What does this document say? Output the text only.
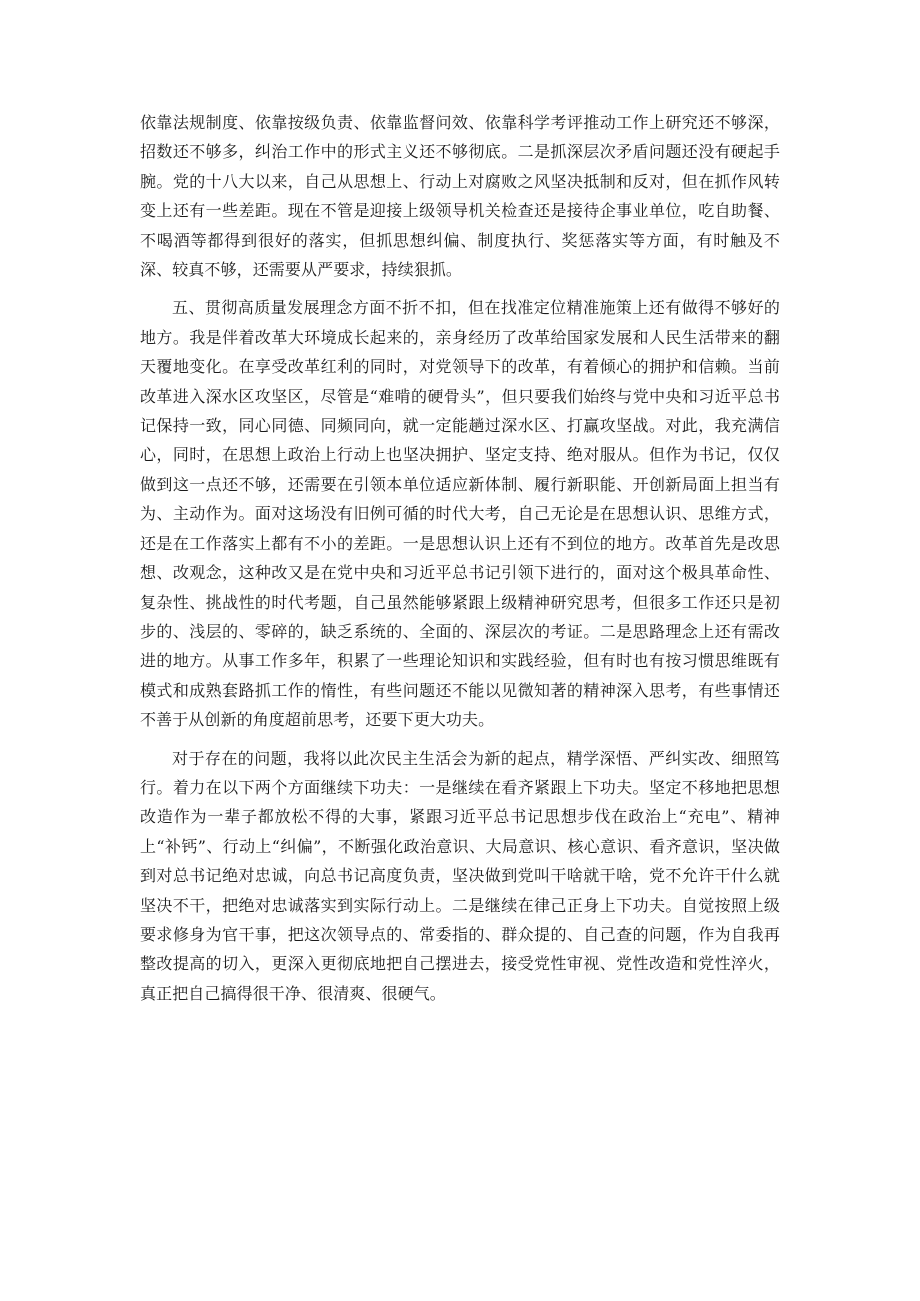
依靠法规制度、依靠按级负责、依靠监督问效、依靠科学考评推动工作上研究还不够深，招数还不够多，纠治工作中的形式主义还不够彻底。二是抓深层次矛盾问题还没有硬起手腕。党的十八大以来，自己从思想上、行动上对腐败之风坚决抵制和反对，但在抓作风转变上还有一些差距。现在不管是迎接上级领导机关检查还是接待企事业单位，吃自助餐、不喝酒等都得到很好的落实，但抓思想纠偏、制度执行、奖惩落实等方面，有时触及不深、较真不够，还需要从严要求，持续狠抓。

五、贯彻高质量发展理念方面不折不扣，但在找准定位精准施策上还有做得不够好的地方。我是伴着改革大环境成长起来的，亲身经历了改革给国家发展和人民生活带来的翻天覆地变化。在享受改革红利的同时，对党领导下的改革，有着倾心的拥护和信赖。当前改革进入深水区攻坚区，尽管是“难啃的硬骨头”，但只要我们始终与党中央和习近平总书记保持一致，同心同德、同频同向，就一定能趟过深水区、打赢攻坚战。对此，我充满信心，同时，在思想上政治上行动上也坚决拥护、坚定支持、绝对服从。但作为书记，仅仅做到这一点还不够，还需要在引领本单位适应新体制、履行新职能、开创新局面上担当有为、主动作为。面对这场没有旧例可循的时代大考，自己无论是在思想认识、思维方式，还是在工作落实上都有不小的差距。一是思想认识上还有不到位的地方。改革首先是改思想、改观念，这种改又是在党中央和习近平总书记引领下进行的，面对这个极具革命性、复杂性、挑战性的时代考题，自己虽然能够紧跟上级精神研究思考，但很多工作还只是初步的、浅层的、零碎的，缺乏系统的、全面的、深层次的考证。二是思路理念上还有需改进的地方。从事工作多年，积累了一些理论知识和实践经验，但有时也有按习惯思维既有模式和成熟套路抓工作的惰性，有些问题还不能以见微知著的精神深入思考，有些事情还不善于从创新的角度超前思考，还要下更大功夫。

对于存在的问题，我将以此次民主生活会为新的起点，精学深悟、严纠实改、细照笃行。着力在以下两个方面继续下功夫：一是继续在看齐紧跟上下功夫。坚定不移地把思想改造作为一辈子都放松不得的大事，紧跟习近平总书记思想步伐在政治上“充电”、精神上“补钙”、行动上“纠偏”，不断强化政治意识、大局意识、核心意识、看齐意识，坚决做到对总书记绝对忠诚，向总书记高度负责，坚决做到党叫干啥就干啥，党不允许干什么就坚决不干，把绝对忠诚落实到实际行动上。二是继续在律己正身上下功夫。自觉按照上级要求修身为官干事，把这次领导点的、常委指的、群众提的、自己查的问题，作为自我再整改提高的切入，更深入更彻底地把自己摆进去，接受党性审视、党性改造和党性淬火，真正把自己搞得很干净、很清爽、很硬气。
